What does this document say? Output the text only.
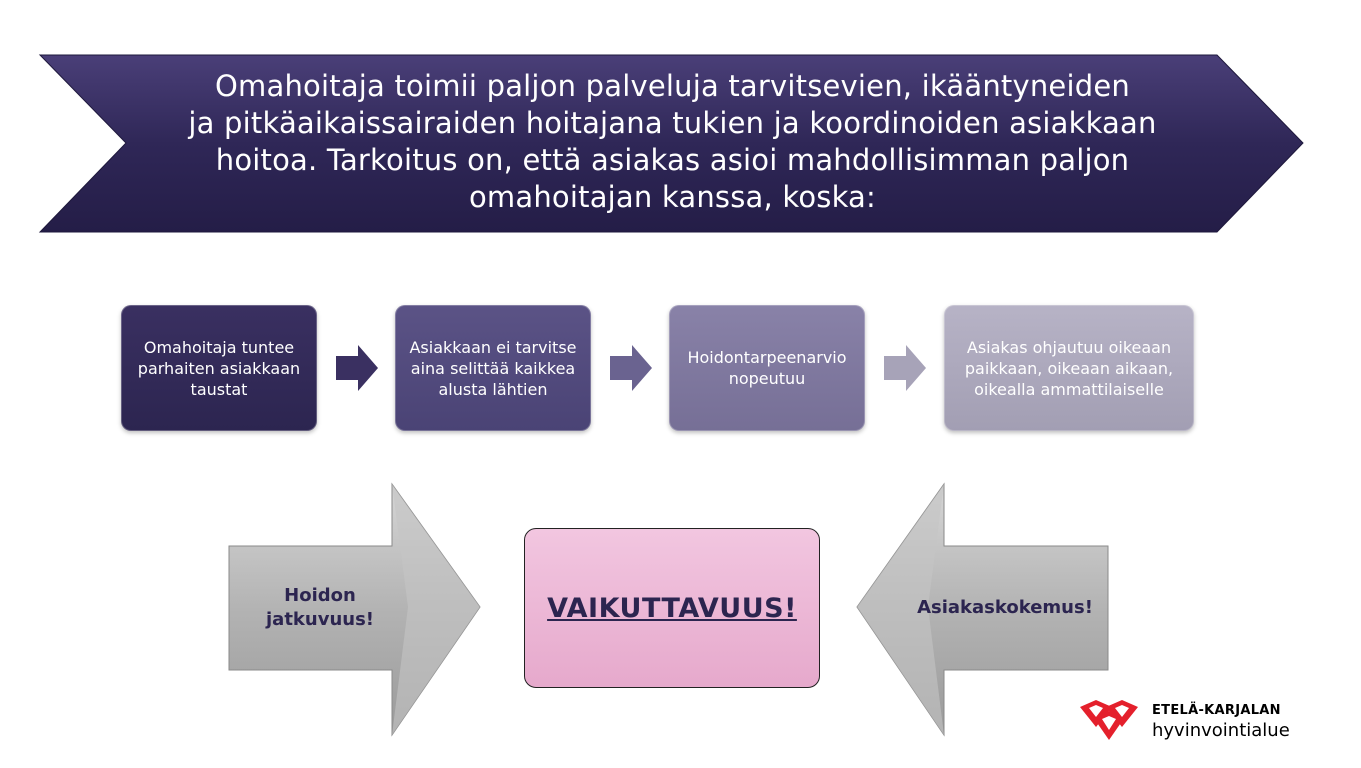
Omahoitaja toimii paljon palveluja tarvitsevien, ikääntyneiden
ja pitkäaikaissairaiden hoitajana tukien ja koordinoiden asiakkaan
hoitoa. Tarkoitus on, että asiakas asioi mahdollisimman paljon
omahoitajan kanssa, koska:
Omahoitaja tuntee parhaiten asiakkaan taustat
Asiakkaan ei tarvitse aina selittää kaikkea alusta lähtien
Hoidontarpeenarvio nopeutuu
Asiakas ohjautuu oikeaan paikkaan, oikeaan aikaan, oikealla ammattilaiselle
Hoidon
jatkuvuus!
Asiakaskokemus!
VAIKUTTAVUUS!
ETELÄ-KARJALAN
hyvinvointialue
